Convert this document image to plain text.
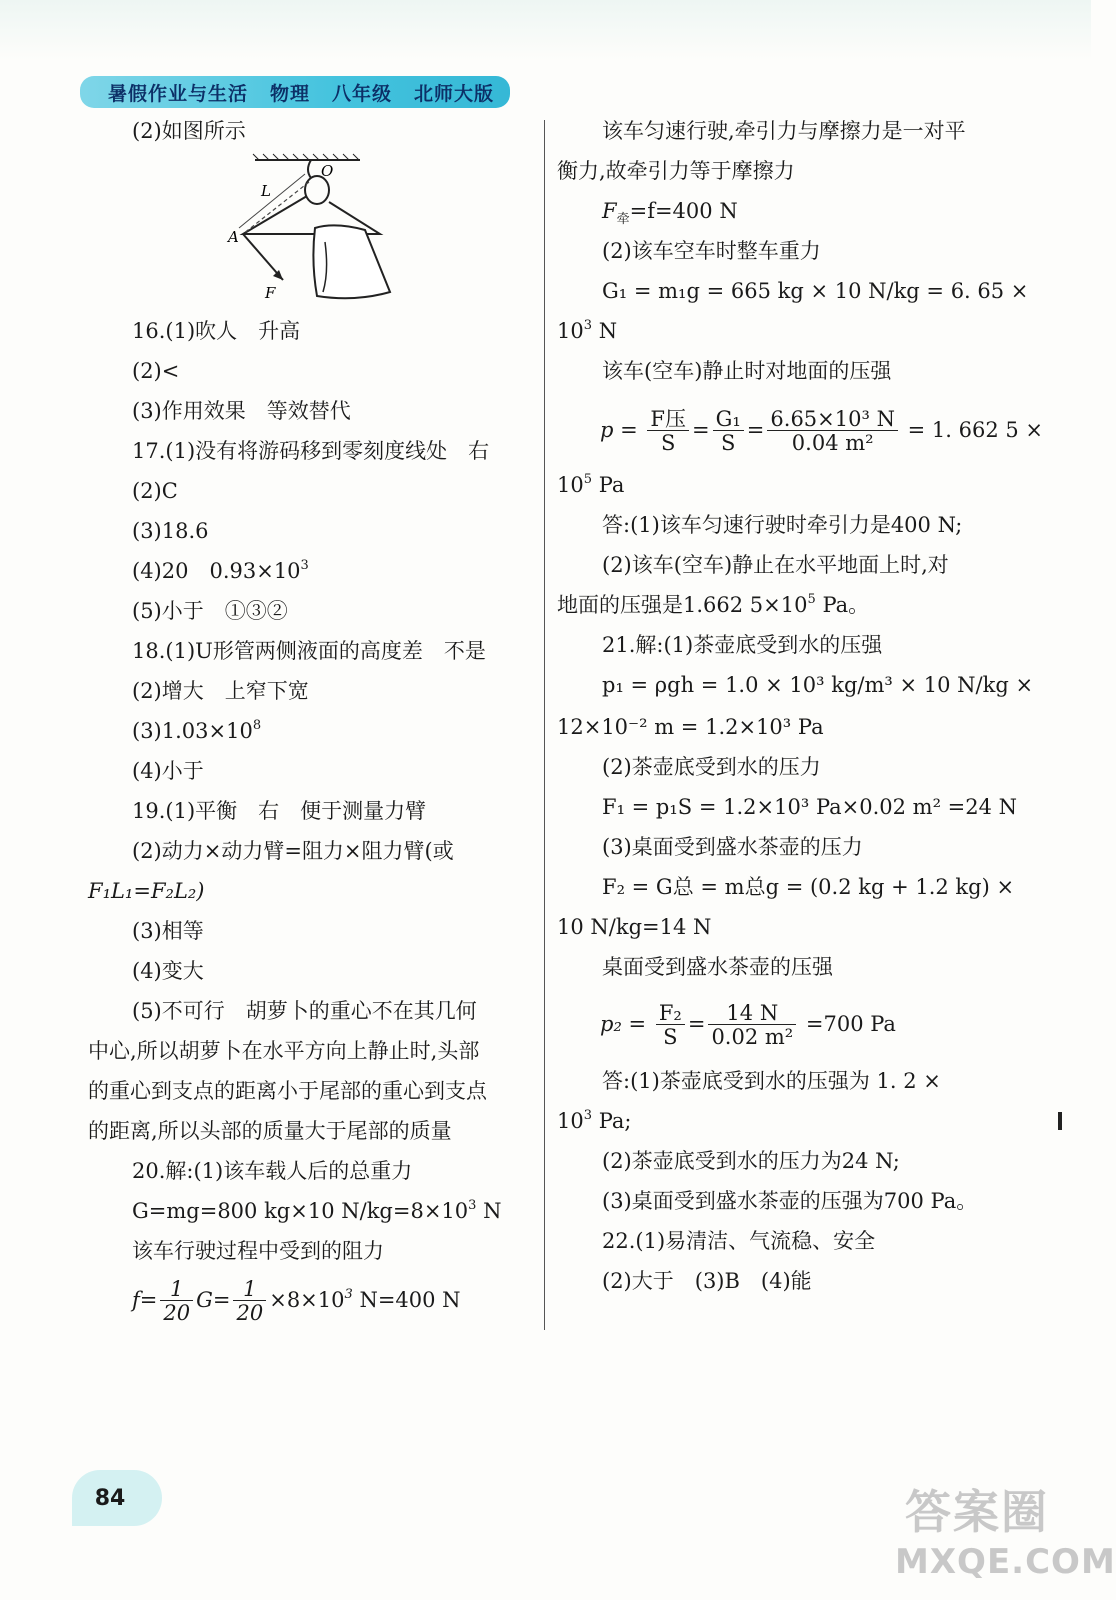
暑假作业与生活 物理 八年级 北师大版
(2)如图所示
O
L
A
F
16.(1)吹人　升高
(2)<
(3)作用效果　等效替代
17.(1)没有将游码移到零刻度线处　右
(2)C
(3)18.6
(4)20　$0.93\times 10^3$
(5)小于　①③②
18.(1)U形管两侧液面的高度差　不是
(2)增大　上窄下宽
$(3)1.03\times 10^8$
(4)小于
19.(1)平衡　右　便于测量力臂
(2)动力×动力臂=阻力×阻力臂(或
F₁L₁=F₂L₂)
(3)相等
(4)变大
(5)不可行　胡萝卜的重心不在其几何
中心,所以胡萝卜在水平方向上静止时,头部
的重心到支点的距离小于尾部的重心到支点
的距离,所以头部的质量大于尾部的质量
20.解:(1)该车载人后的总重力
G=mg=800 kg×10 $N/kg=8\times 10^3$ N
该车行驶过程中受到的阻力
$f= \frac{1}{20} G= \frac{1}{20} \times 8\times 10^3$ N=400 N
该车匀速行驶,牵引力与摩擦力是一对平
衡力,故牵引力等于摩擦力
$F_牵=f=400$ N
(2)该车空车时整车重力
G₁ = m₁g = 665 kg × 10 N/kg = 6. 65 ×
$10^3$ N
该车(空车)静止时对地面的压强
$p = \frac{\text{F压}}{S} = \frac{\text{G₁}}{S} = \frac{\text{6.65×10³ N}}{\text{0.04 m²}} = 1$. 662 5 ×
$10^5$ Pa
答:(1)该车匀速行驶时牵引力是400 N;
(2)该车(空车)静止在水平地面上时,对
地面的压强是1.662 $5\times 10^5$ Pa。
21.解:(1)茶壶底受到水的压强
p₁ = ρgh = 1.0 × 10³ kg/m³ × 10 N/kg ×
12×10⁻² m = 1.2×10³ Pa
(2)茶壶底受到水的压力
F₁ = p₁S = 1.2×10³ Pa×0.02 m² =24 N
(3)桌面受到盛水茶壶的压力
F₂ = G总 = m总g = (0.2 kg + 1.2 kg) ×
10 N/kg=14 N
桌面受到盛水茶壶的压强
$p_2 = \frac{\text{F₂}}{S} = \frac{14 N}{\text{0.02 m²}} =700$ Pa
答:(1)茶壶底受到水的压强为 1. 2 ×
$10^3$ Pa;
(2)茶壶底受到水的压力为24 N;
(3)桌面受到盛水茶壶的压强为700 Pa。
22.(1)易清洁、气流稳、安全
(2)大于　(3)B　(4)能
84	答案圈
MXQE.COM
